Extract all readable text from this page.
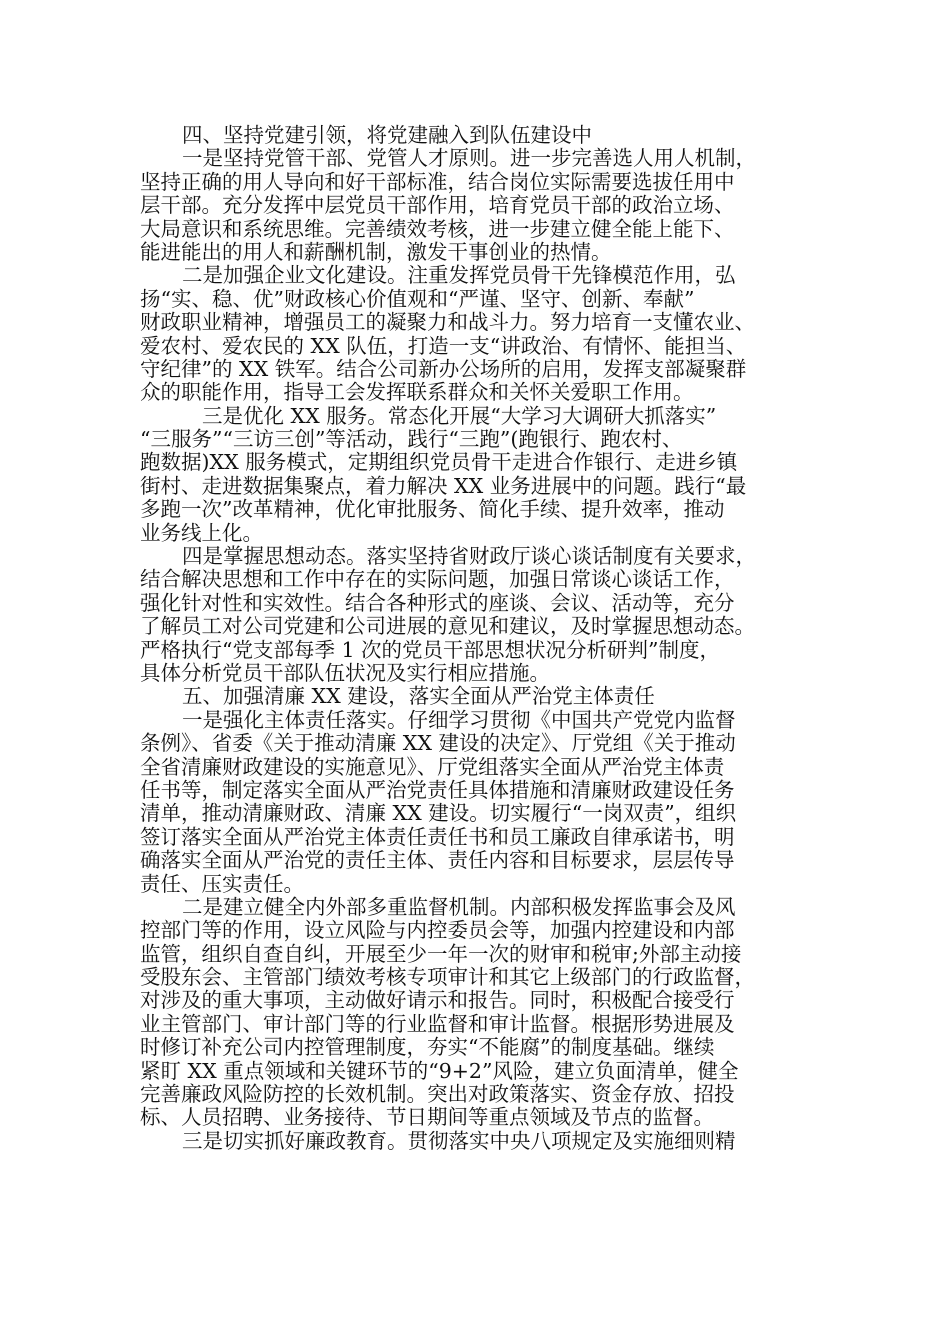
四、坚持党建引领，将党建融入到队伍建设中
一是坚持党管干部、党管人才原则。进一步完善选人用人机制，
坚持正确的用人导向和好干部标准，结合岗位实际需要选拔任用中
层干部。充分发挥中层党员干部作用，培育党员干部的政治立场、
大局意识和系统思维。完善绩效考核，进一步建立健全能上能下、
能进能出的用人和薪酬机制，激发干事创业的热情。
二是加强企业文化建设。注重发挥党员骨干先锋模范作用，弘
扬“实、稳、优”财政核心价值观和“严谨、坚守、创新、奉献”
财政职业精神，增强员工的凝聚力和战斗力。努力培育一支懂农业、
爱农村、爱农民的 XX 队伍，打造一支“讲政治、有情怀、能担当、
守纪律”的 XX 铁军。结合公司新办公场所的启用，发挥支部凝聚群
众的职能作用，指导工会发挥联系群众和关怀关爱职工作用。
三是优化 XX 服务。常态化开展“大学习大调研大抓落实”
“三服务”“三访三创”等活动，践行“三跑”(跑银行、跑农村、
跑数据)XX 服务模式，定期组织党员骨干走进合作银行、走进乡镇
街村、走进数据集聚点，着力解决 XX 业务进展中的问题。践行“最
多跑一次”改革精神，优化审批服务、简化手续、提升效率，推动
业务线上化。
四是掌握思想动态。落实坚持省财政厅谈心谈话制度有关要求，
结合解决思想和工作中存在的实际问题，加强日常谈心谈话工作，
强化针对性和实效性。结合各种形式的座谈、会议、活动等，充分
了解员工对公司党建和公司进展的意见和建议，及时掌握思想动态。
严格执行“党支部每季 1 次的党员干部思想状况分析研判”制度，
具体分析党员干部队伍状况及实行相应措施。
五、加强清廉 XX 建设，落实全面从严治党主体责任
一是强化主体责任落实。仔细学习贯彻《中国共产党党内监督
条例》、省委《关于推动清廉 XX 建设的决定》、厅党组《关于推动
全省清廉财政建设的实施意见》、厅党组落实全面从严治党主体责
任书等，制定落实全面从严治党责任具体措施和清廉财政建设任务
清单，推动清廉财政、清廉 XX 建设。切实履行“一岗双责”，组织
签订落实全面从严治党主体责任责任书和员工廉政自律承诺书，明
确落实全面从严治党的责任主体、责任内容和目标要求，层层传导
责任、压实责任。
二是建立健全内外部多重监督机制。内部积极发挥监事会及风
控部门等的作用，设立风险与内控委员会等，加强内控建设和内部
监管，组织自查自纠，开展至少一年一次的财审和税审;外部主动接
受股东会、主管部门绩效考核专项审计和其它上级部门的行政监督，
对涉及的重大事项，主动做好请示和报告。同时，积极配合接受行
业主管部门、审计部门等的行业监督和审计监督。根据形势进展及
时修订补充公司内控管理制度，夯实“不能腐”的制度基础。继续
紧盯 XX 重点领域和关键环节的“9+2”风险，建立负面清单，健全
完善廉政风险防控的长效机制。突出对政策落实、资金存放、招投
标、人员招聘、业务接待、节日期间等重点领域及节点的监督。
三是切实抓好廉政教育。贯彻落实中央八项规定及实施细则精
